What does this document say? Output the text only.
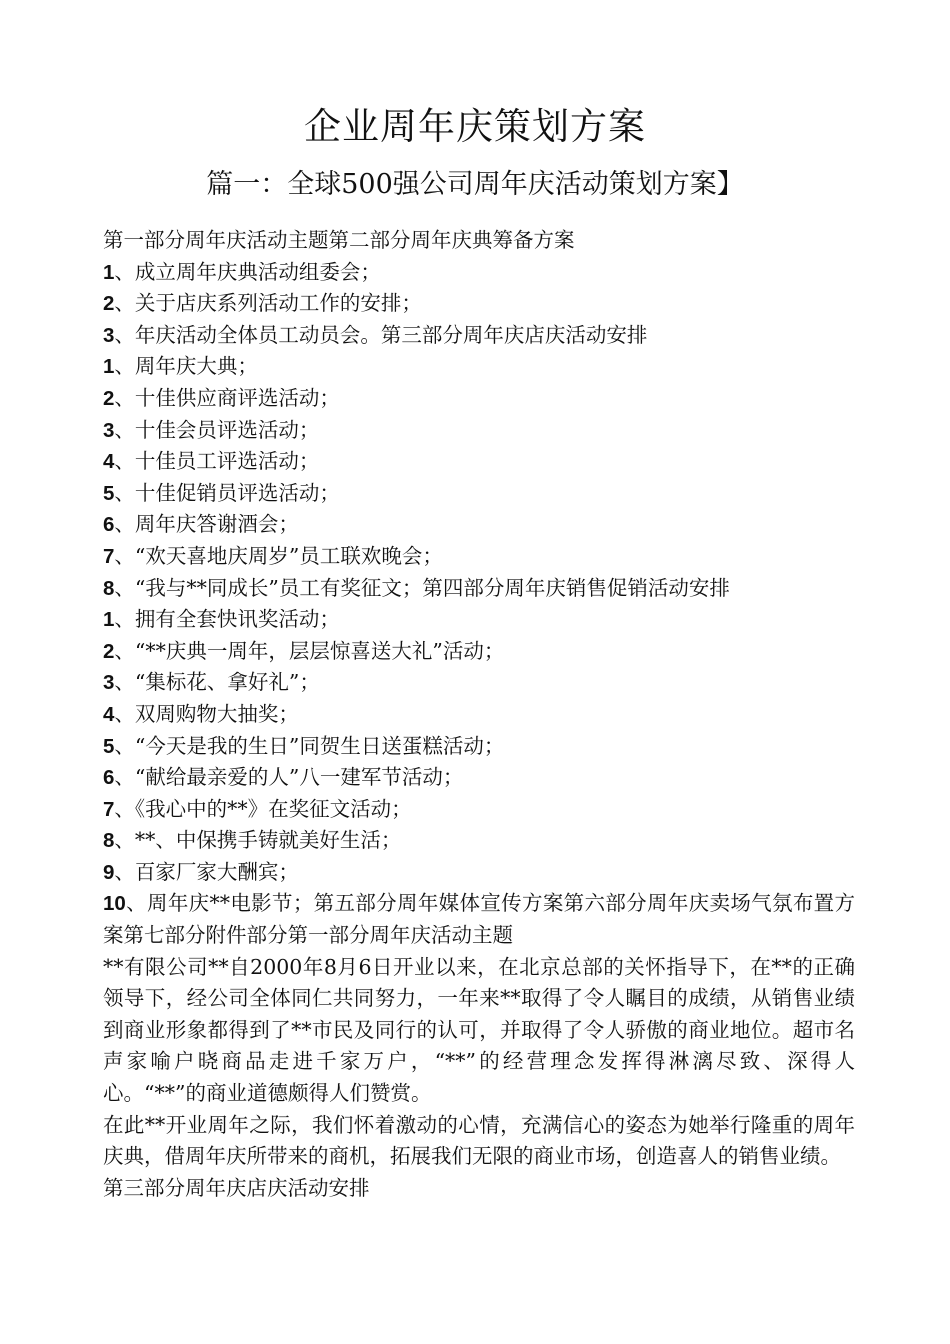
企业周年庆策划方案
篇一：全球500强公司周年庆活动策划方案】
第一部分周年庆活动主题第二部分周年庆典筹备方案
1、成立周年庆典活动组委会；
2、关于店庆系列活动工作的安排；
3、年庆活动全体员工动员会。第三部分周年庆店庆活动安排
1、周年庆大典；
2、十佳供应商评选活动；
3、十佳会员评选活动；
4、十佳员工评选活动；
5、十佳促销员评选活动；
6、周年庆答谢酒会；
7、“欢天喜地庆周岁”员工联欢晚会；
8、“我与**同成长”员工有奖征文；第四部分周年庆销售促销活动安排
1、拥有全套快讯奖活动；
2、“**庆典一周年，层层惊喜送大礼”活动；
3、“集标花、拿好礼”；
4、双周购物大抽奖；
5、“今天是我的生日”同贺生日送蛋糕活动；
6、“献给最亲爱的人”八一建军节活动；
7、《我心中的**》在奖征文活动；
8、**、中保携手铸就美好生活；
9、百家厂家大酬宾；
10、周年庆**电影节；第五部分周年媒体宣传方案第六部分周年庆卖场气氛布置方案第七部分附件部分第一部分周年庆活动主题
**有限公司**自2000年8月6日开业以来，在北京总部的关怀指导下，在**的正确领导下，经公司全体同仁共同努力，一年来**取得了令人瞩目的成绩，从销售业绩到商业形象都得到了**市民及同行的认可，并取得了令人骄傲的商业地位。超市名声家喻户晓商品走进千家万户，“**”的经营理念发挥得淋漓尽致、深得人心。“**”的商业道德颇得人们赞赏。
在此**开业周年之际，我们怀着激动的心情，充满信心的姿态为她举行隆重的周年庆典，借周年庆所带来的商机，拓展我们无限的商业市场，创造喜人的销售业绩。
第三部分周年庆店庆活动安排
